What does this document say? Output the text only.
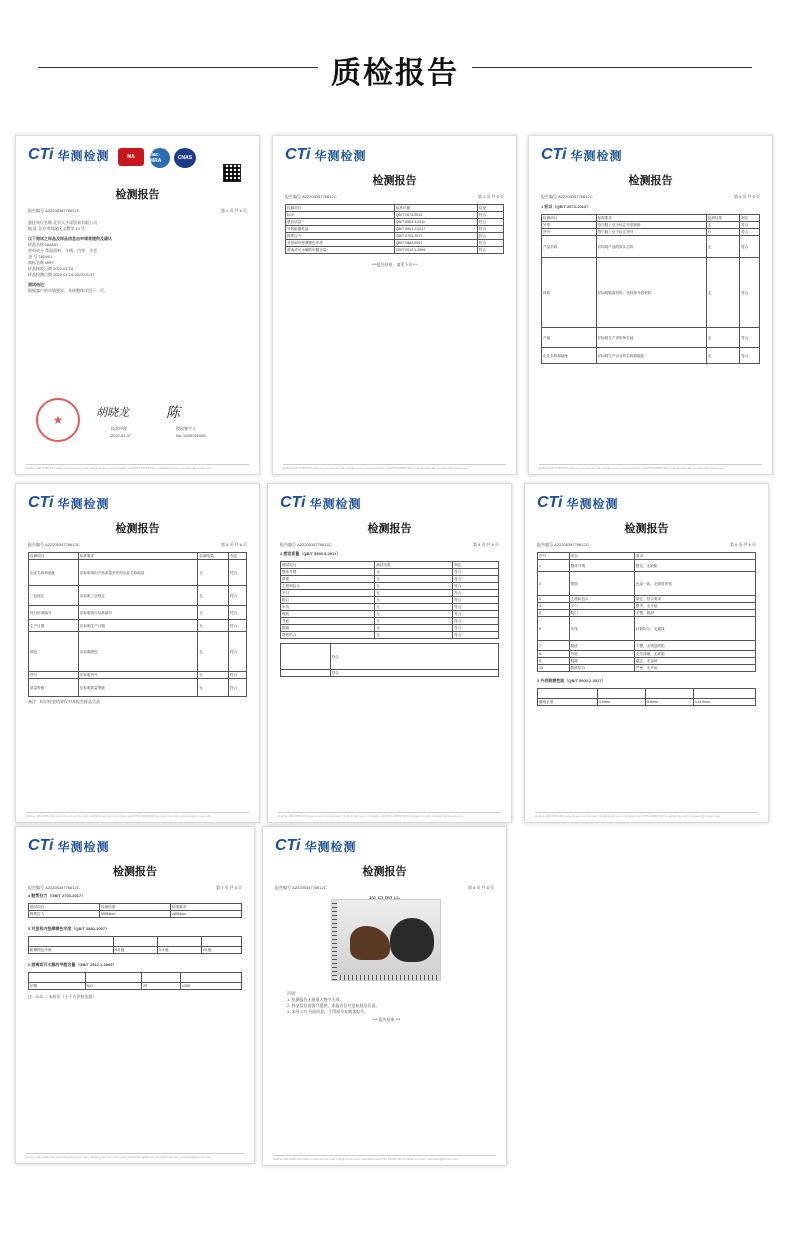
质检报告
CTi 华测检测	MA	ilac-MRA	CNAS
检测报告
报告编号 A2220534776612C	第 1 页 共 6 页
委托单位名称 北京天予诺贸易有限公司
地 址 北京市海淀区文教学 13 号
以下测试之样品及样品信息由申请者提供及确认
样品名称 NIANO
材料成分 帮面面料：羊绒；内里：羊毛
货 号 78D901
商标名称 MRT
样品接收日期 2022.01.24
样品检测日期 2022.01.24-2022.01.27
测试结论：
根据客户的申请要求，具体整体详见下一页。
★
胡晓龙	陈
技术经理
2022.02.07
授权签字人
No. 5490251508
Hotline 400-6788-333 www.cti-cert.com E-mail: info@cti-cert.com Complaint call 0755-33681700 Complaint E-mail: complaint@cti-cert.com
CTi 华测检测
检测报告
报告编号 A2220534776612C	第 2 页 共 6 页
检测项目	标准依据	结论
标识	QB/T 2673-2013	符合
感官质量	QB/T 5903.3-2011	符合
外底耐磨性能	QB/T 5903.2-2017	符合
鞋帮拉力	GB/T 2703-2017	符合
对里和内垫摩擦色牢度	QB/T 2882-2007	符合
游离或可水解的甲醛含量	GB/T 2912.1-2009	符合
***报告结束，请见下页***
Hotline 400-6788-333 www.cti-cert.com E-mail: info@cti-cert.com Complaint call 0755-33681700 Complaint E-mail: complaint@cti-cert.com
CTi 华测检测
检测报告
报告编号 A2220534776612C	第 3 页 共 6 页
1 标识（QB/T 2673-2013）
检测项目	标准要求	检测结果	判定
号型	每只鞋上至少标注号型规格	无	符合
货号	每只鞋上至少标注货号	有	符合
产品名称	应标明产品的真实名称	无	符合
材质	应标明鞋面材料、里料和外底材料	无	符合
产地	应标明生产者的所在地	无	符合
企业名称和地址	应标明生产企业的名称和地址	无	符合
Hotline 400-6788-333 www.cti-cert.com E-mail: info@cti-cert.com Complaint call 0755-33681700 Complaint E-mail: complaint@cti-cert.com
CTi 华测检测
检测报告
报告编号 A2220534776612C	第 4 页 共 6 页
检测项目	标准要求	检测结果	判定
企业名称和地址	应标明承担产品质量责任的企业名称地址	无	符合
三包规定	应标明三包规定	无	符合
执行标准编号	应标明执行标准编号	无	符合
生产日期	应标明生产日期	无	符合
颜色	应标明颜色	无	符合
货号	应标明货号	无	符合
质量等级	应标明质量等级	无	符合
备注：标识检验结果仅对本报告样品负责
Hotline 400-6788-333 www.cti-cert.com E-mail: info@cti-cert.com Complaint call 0755-33681700 Complaint E-mail: complaint@cti-cert.com
CTi 华测检测
检测报告
报告编号 A2220534776612C	第 5 页 共 6 页
2 感官质量（QB/T 5903.3-2011）
测试项目	测试结果	判定
整体外观	无	符合
帮面	无	符合
主跟和包头	无	符合
子口	无	符合
鞋口	无	符合
车线	无	符合
鞋底	无	符合
外底	无	符合
鞋跟	无	符合
帮底结合	无	符合
	符合
	符合
Hotline 400-6788-333 www.cti-cert.com E-mail: info@cti-cert.com Complaint call 0755-33681700 Complaint E-mail: complaint@cti-cert.com
CTi 华测检测
检测报告
报告编号 A2220534776612C	第 6 页 共 6 页
序号	项目	要求
1	整体外观	整洁，无缺陷
2	帮面	色泽一致，无明显伤残
3	主跟和包头	端正，符合要求
4	子口	整齐，无开胶
5	鞋口	平整，圆滑
6	车线	针码均匀，无跳线
7	鞋底	平整，无明显缺陷
8	外底	花纹清晰，无缺陷
9	鞋跟	端正，无歪斜
10	帮底结合	严密，无开胶
3 外底耐磨性能（QB/T 5903.2-2017）

磨痕长度	4.0mm	5.8mm	≤14.0mm
Hotline 400-6788-333 www.cti-cert.com E-mail: info@cti-cert.com Complaint call 0755-33681700 Complaint E-mail: complaint@cti-cert.com
CTi 华测检测
检测报告
报告编号 A2220534776612C	第 7 页 共 8 页
4 鞋帮拉力（GB/T 2703-2017）
测试项目	检测结果	标准要求
鞋帮拉力	595N/cm	≥80N/cm
5 对里和内垫摩擦色牢度（QB/T 2882-2007）

耐摩擦色牢度	4-5 级	3-4 级	≥3 级
6 游离或可水解的甲醛含量（GB/T 2912.1-2009）

甲醛	N.D.	20	≤300
注：N.D. = 未检出（小于方法检出限）
Hotline 400-6788-333 www.cti-cert.com E-mail: info@cti-cert.com Complaint call 0755-33681700 Complaint E-mail: complaint@cti-cert.com
CTi 华测检测
检测报告
报告编号 A2220534776612C	第 8 页 共 8 页
声明：
1. 检测报告无批准人签字无效。
2. 样品信息由客户提供，本报告仅对送检样品负责。
3. 未经 CTI 书面同意，不得部分复制本报告。
*** 报告结束 ***
Hotline 400-6788-333 www.cti-cert.com E-mail: info@cti-cert.com Complaint call 0755-33681700 Complaint E-mail: complaint@cti-cert.com
